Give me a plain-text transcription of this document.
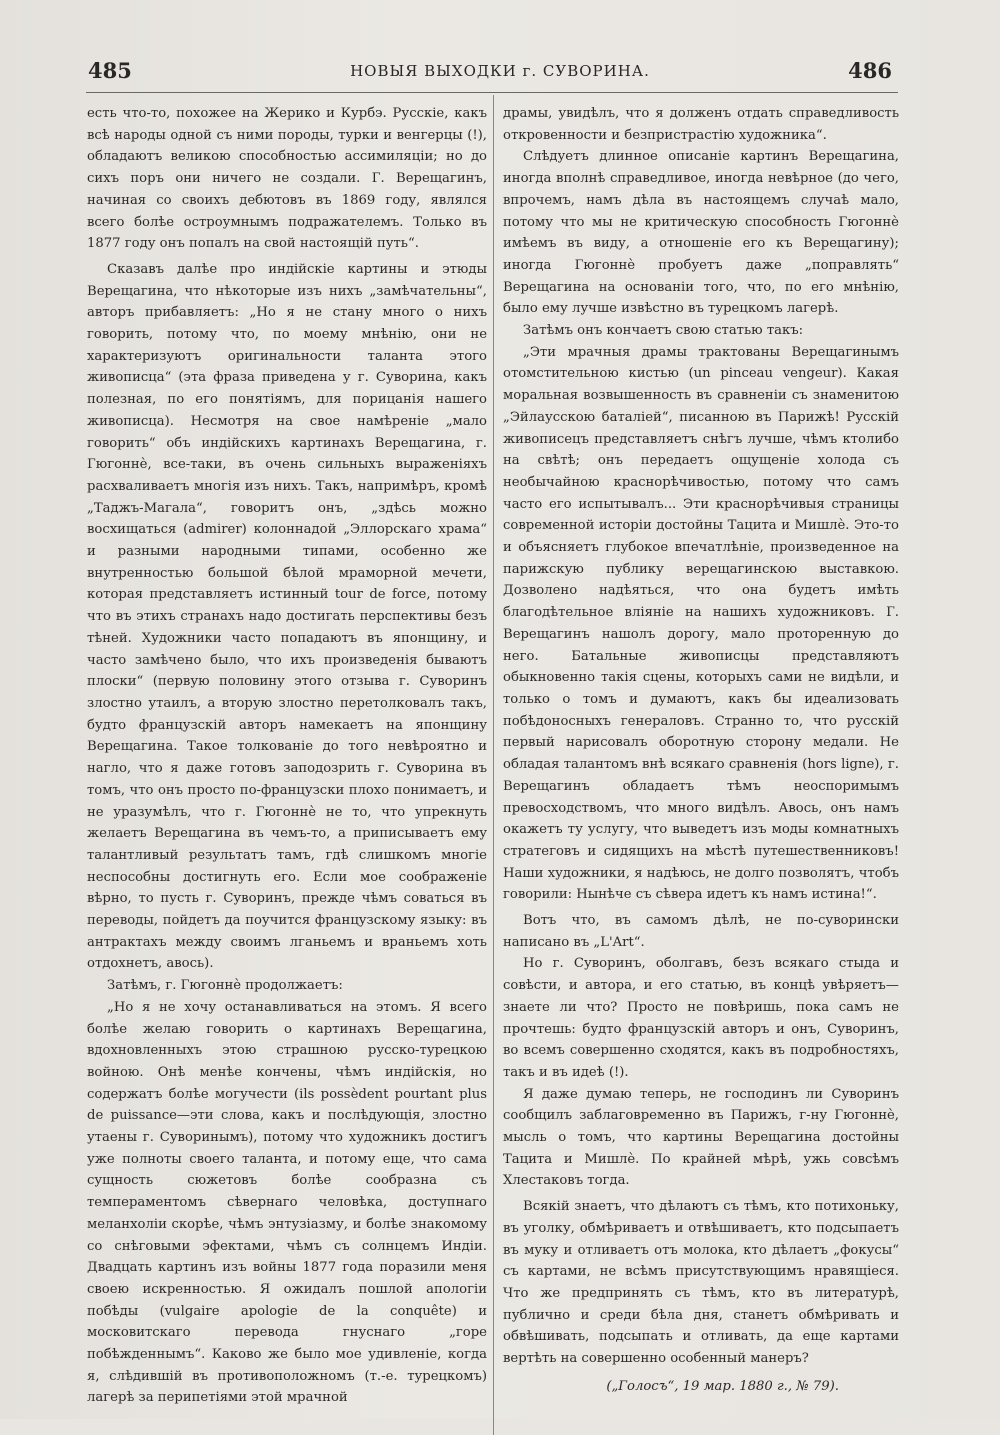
485	НОВЫЯ ВЫХОДКИ г. СУВОРИНА.	486

есть что-то, похожее на Жерико и Курбэ. Русскіе, какъ всѣ народы одной съ ними породы, турки и венгерцы (!), обладаютъ великою способностью ассимиляціи; но до сихъ поръ они ничего не создали. Г. Верещагинъ, начиная со своихъ дебютовъ въ 1869 году, являлся всего болѣе остроумнымъ подражателемъ. Только въ 1877 году онъ попалъ на свой настоящій путь“.

Сказавъ далѣе про индійскіе картины и этюды Верещагина, что нѣкоторые изъ нихъ „замѣчательны“, авторъ прибавляетъ: „Но я не стану много о нихъ говорить, потому что, по моему мнѣнію, они не характеризуютъ оригинальности таланта этого живописца“ (эта фраза приведена у г. Суворина, какъ полезная, по его понятіямъ, для порицанія нашего живописца). Несмотря на свое намѣреніе „мало говорить“ объ индійскихъ картинахъ Верещагина, г. Гюгоннѐ, все-таки, въ очень сильныхъ выраженіяхъ расхваливаетъ многія изъ нихъ. Такъ, напримѣръ, кромѣ „Таджъ-Магала“, говоритъ онъ, „здѣсь можно восхищаться (admirer) колоннадой „Эллорскаго храма“ и разными народными типами, особенно же внутренностью большой бѣлой мраморной мечети, которая представляетъ истинный tour de force, потому что въ этихъ странахъ надо достигать перспективы безъ тѣней. Художники часто попадаютъ въ японщину, и часто замѣчено было, что ихъ произведенія бываютъ плоски“ (первую половину этого отзыва г. Суворинъ злостно утаилъ, а вторую злостно перетолковалъ такъ, будто французскій авторъ намекаетъ на японщину Верещагина. Такое толкованіе до того невѣроятно и нагло, что я даже готовъ заподозрить г. Суворина въ томъ, что онъ просто по-французски плохо понимаетъ, и не уразумѣлъ, что г. Гюгоннѐ не то, что упрекнуть желаетъ Верещагина въ чемъ-то, а приписываетъ ему талантливый результатъ тамъ, гдѣ слишкомъ многіе неспособны достигнуть его. Если мое соображеніе вѣрно, то пусть г. Суворинъ, прежде чѣмъ соваться въ переводы, пойдетъ да поучится французскому языку: въ антрактахъ между своимъ лганьемъ и враньемъ хоть отдохнетъ, авось).

Затѣмъ, г. Гюгоннѐ продолжаетъ:

„Но я не хочу останавливаться на этомъ. Я всего болѣе желаю говорить о картинахъ Верещагина, вдохновленныхъ этою страшною русско-турецкою войною. Онѣ менѣе кончены, чѣмъ индійскія, но содержатъ болѣе могучести (ils possèdent pourtant plus de puissance—эти слова, какъ и послѣдующія, злостно утаены г. Суворинымъ), потому что художникъ достигъ уже полноты своего таланта, и потому еще, что сама сущность сюжетовъ болѣе сообразна съ темпераментомъ сѣвернаго человѣка, доступнаго меланхоліи скорѣе, чѣмъ энтузіазму, и болѣе знакомому со снѣговыми эфектами, чѣмъ съ солнцемъ Индіи. Двадцать картинъ изъ войны 1877 года поразили меня своею искренностью. Я ожидалъ пошлой апологіи побѣды (vulgaire apologie de la conquête) и московитскаго перевода гнуснаго „горе побѣжденнымъ“. Каково же было мое удивленіе, когда я, слѣдившій въ противоположномъ (т.-е. турецкомъ) лагерѣ за перипетіями этой мрачной

драмы, увидѣлъ, что я долженъ отдать справедливость откровенности и безпристрастію художника“.

Слѣдуетъ длинное описаніе картинъ Верещагина, иногда вполнѣ справедливое, иногда невѣрное (до чего, впрочемъ, намъ дѣла въ настоящемъ случаѣ мало, потому что мы не критическую способность Гюгоннѐ имѣемъ въ виду, а отношеніе его къ Верещагину); иногда Гюгоннѐ пробуетъ даже „поправлять“ Верещагина на основаніи того, что, по его мнѣнію, было ему лучше извѣстно въ турецкомъ лагерѣ.

Затѣмъ онъ кончаетъ свою статью такъ:

„Эти мрачныя драмы трактованы Верещагинымъ отомстительною кистью (un pinceau vengeur). Какая моральная возвышенность въ сравненіи съ знаменитою „Эйлаусскою баталіей“, писанною въ Парижѣ! Русскій живописецъ представляетъ снѣгъ лучше, чѣмъ ктолибо на свѣтѣ; онъ передаетъ ощущеніе холода съ необычайною краснорѣчивостью, потому что самъ часто его испытывалъ... Эти краснорѣчивыя страницы современной исторіи достойны Тацита и Мишлѐ. Это-то и объясняетъ глубокое впечатлѣніе, произведенное на парижскую публику верещагинскою выставкою. Дозволено надѣяться, что она будетъ имѣть благодѣтельное вліяніе на нашихъ художниковъ. Г. Верещагинъ нашолъ дорогу, мало проторенную до него. Батальные живописцы представляютъ обыкновенно такія сцены, которыхъ сами не видѣли, и только о томъ и думаютъ, какъ бы идеализовать побѣдоносныхъ генераловъ. Странно то, что русскій первый нарисовалъ оборотную сторону медали. Не обладая талантомъ внѣ всякаго сравненія (hors ligne), г. Верещагинъ обладаетъ тѣмъ неоспоримымъ превосходствомъ, что много видѣлъ. Авось, онъ намъ окажетъ ту услугу, что выведетъ изъ моды комнатныхъ стратеговъ и сидящихъ на мѣстѣ путешественниковъ! Наши художники, я надѣюсь, не долго позволятъ, чтобъ говорили: Нынѣче съ сѣвера идетъ къ намъ истина!“.

Вотъ что, въ самомъ дѣлѣ, не по-суворински написано въ „L'Art“.

Но г. Суворинъ, оболгавъ, безъ всякаго стыда и совѣсти, и автора, и его статью, въ концѣ увѣряетъ—знаете ли что? Просто не повѣришь, пока самъ не прочтешь: будто французскій авторъ и онъ, Суворинъ, во всемъ совершенно сходятся, какъ въ подробностяхъ, такъ и въ идеѣ (!).

Я даже думаю теперь, не господинъ ли Суворинъ сообщилъ заблаговременно въ Парижъ, г-ну Гюгоннѐ, мысль о томъ, что картины Верещагина достойны Тацита и Мишлѐ. По крайней мѣрѣ, ужь совсѣмъ Хлестаковъ тогда.

Всякій знаетъ, что дѣлаютъ съ тѣмъ, кто потихоньку, въ уголку, обмѣриваетъ и отвѣшиваетъ, кто подсыпаетъ въ муку и отливаетъ отъ молока, кто дѣлаетъ „фокусы“ съ картами, не всѣмъ присутствующимъ нравящіеся. Что же предпринять съ тѣмъ, кто въ литературѣ, публично и среди бѣла дня, станетъ обмѣривать и обвѣшивать, подсыпать и отливать, да еще картами вертѣть на совершенно особенный манеръ?

(„Голосъ“, 19 мар. 1880 г., № 79).
